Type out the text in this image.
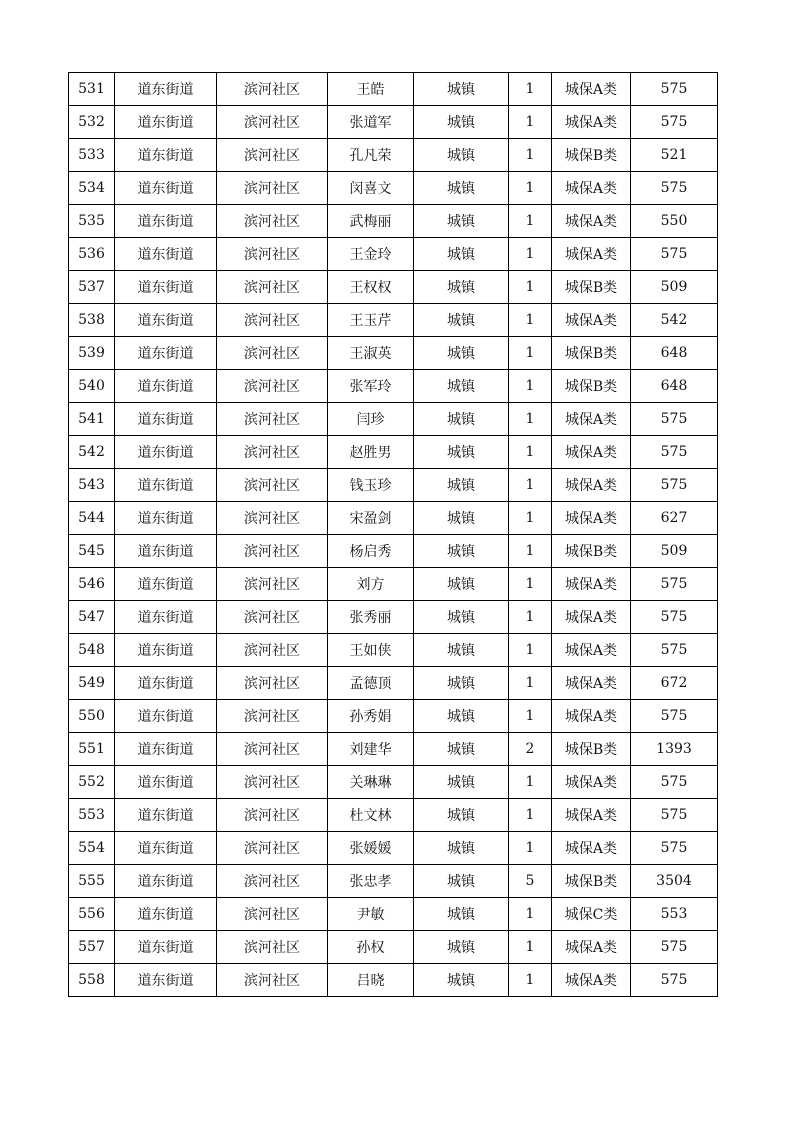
531	道东街道	滨河社区	王皓	城镇	1	城保A类	575
532	道东街道	滨河社区	张道军	城镇	1	城保A类	575
533	道东街道	滨河社区	孔凡荣	城镇	1	城保B类	521
534	道东街道	滨河社区	闵喜文	城镇	1	城保A类	575
535	道东街道	滨河社区	武梅丽	城镇	1	城保A类	550
536	道东街道	滨河社区	王金玲	城镇	1	城保A类	575
537	道东街道	滨河社区	王权权	城镇	1	城保B类	509
538	道东街道	滨河社区	王玉芹	城镇	1	城保A类	542
539	道东街道	滨河社区	王淑英	城镇	1	城保B类	648
540	道东街道	滨河社区	张军玲	城镇	1	城保B类	648
541	道东街道	滨河社区	闫珍	城镇	1	城保A类	575
542	道东街道	滨河社区	赵胜男	城镇	1	城保A类	575
543	道东街道	滨河社区	钱玉珍	城镇	1	城保A类	575
544	道东街道	滨河社区	宋盈剑	城镇	1	城保A类	627
545	道东街道	滨河社区	杨启秀	城镇	1	城保B类	509
546	道东街道	滨河社区	刘方	城镇	1	城保A类	575
547	道东街道	滨河社区	张秀丽	城镇	1	城保A类	575
548	道东街道	滨河社区	王如侠	城镇	1	城保A类	575
549	道东街道	滨河社区	孟德顶	城镇	1	城保A类	672
550	道东街道	滨河社区	孙秀娟	城镇	1	城保A类	575
551	道东街道	滨河社区	刘建华	城镇	2	城保B类	1393
552	道东街道	滨河社区	关琳琳	城镇	1	城保A类	575
553	道东街道	滨河社区	杜文林	城镇	1	城保A类	575
554	道东街道	滨河社区	张媛媛	城镇	1	城保A类	575
555	道东街道	滨河社区	张忠孝	城镇	5	城保B类	3504
556	道东街道	滨河社区	尹敏	城镇	1	城保C类	553
557	道东街道	滨河社区	孙权	城镇	1	城保A类	575
558	道东街道	滨河社区	吕晓	城镇	1	城保A类	575
